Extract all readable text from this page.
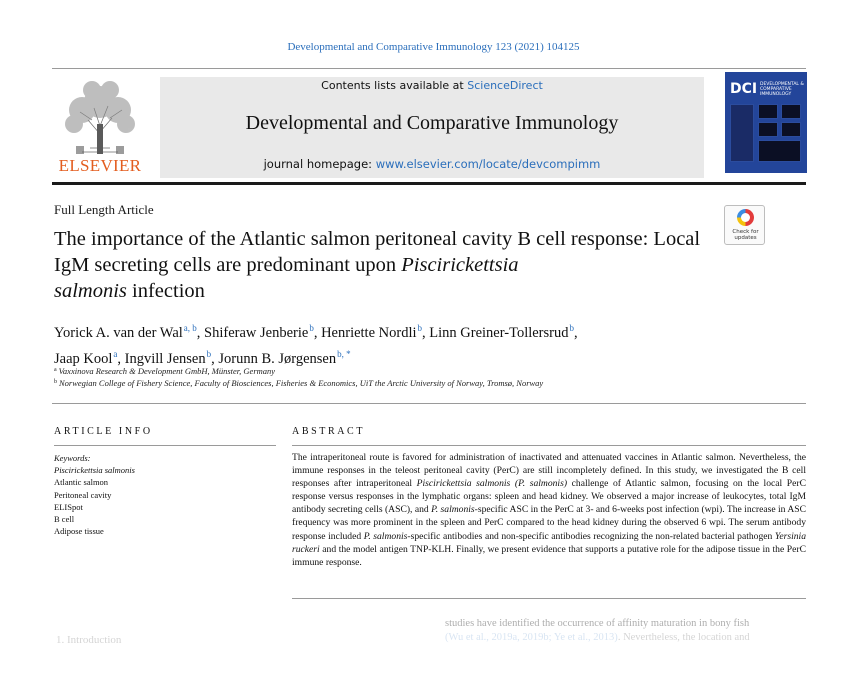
Developmental and Comparative Immunology 123 (2021) 104125
ELSEVIER
Contents lists available at ScienceDirect
Developmental and Comparative Immunology
journal homepage: www.elsevier.com/locate/devcompimm
DCI DEVELOPMENTAL & COMPARATIVE IMMUNOLOGY
Full Length Article
Check for
updates
The importance of the Atlantic salmon peritoneal cavity B cell response: Local IgM secreting cells are predominant upon Piscirickettsia
salmonis infection
Yorick A. van der Wal$^{a, b}$, Shiferaw Jenberie$^b$, Henriette Nordli$^b$, Linn Greiner-Tollersrud$^b$,
Jaap Kool$^a$, Ingvill Jensen$^b$, Jorunn B. Jørgensen$^{b, *}$
$^a$ Vaxxinova Research & Development GmbH, Münster, Germany
$^b$ Norwegian College of Fishery Science, Faculty of Biosciences, Fisheries & Economics, UiT the Arctic University of Norway, Tromsø, Norway
ARTICLE INFO	ABSTRACT
Keywords:
Piscirickettsia salmonis
Atlantic salmon
Peritoneal cavity
ELISpot
B cell
Adipose tissue
The intraperitoneal route is favored for administration of inactivated and attenuated vaccines in Atlantic salmon. Nevertheless, the immune responses in the teleost peritoneal cavity (PerC) are still incompletely defined. In this study, we investigated the B cell responses after intraperitoneal Piscirickettsia salmonis (P. salmonis) challenge of Atlantic salmon, focusing on the local PerC response versus responses in the lymphatic organs: spleen and head kidney. We observed a major increase of leukocytes, total IgM antibody secreting cells (ASC), and P. salmonis-specific ASC in the PerC at 3- and 6-weeks post infection (wpi). The increase in ASC frequency was more prominent in the spleen and PerC compared to the head kidney during the observed 6 wpi. The serum antibody response included P. salmonis-specific antibodies and non-specific antibodies recognizing the non-related bacterial pathogen Yersinia ruckeri and the model antigen TNP-KLH. Finally, we present evidence that supports a putative role for the adipose tissue in the PerC immune response.
1. Introduction
studies have identified the occurrence of affinity maturation in bony fish
(Wu et al., 2019a, 2019b; Ye et al., 2013). Nevertheless, the location and
